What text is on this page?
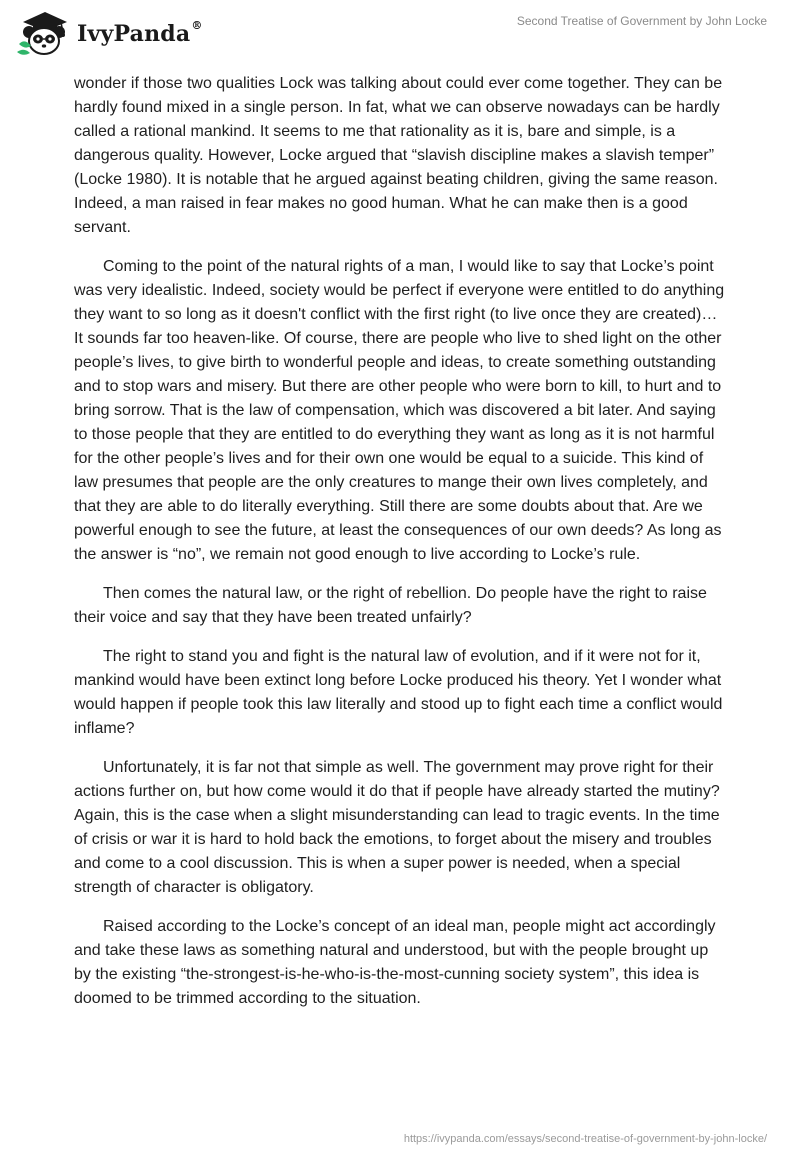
IvyPanda®	Second Treatise of Government by John Locke

wonder if those two qualities Lock was talking about could ever come together. They can be hardly found mixed in a single person. In fat, what we can observe nowadays can be hardly called a rational mankind. It seems to me that rationality as it is, bare and simple, is a dangerous quality. However, Locke argued that “slavish discipline makes a slavish temper” (Locke 1980). It is notable that he argued against beating children, giving the same reason. Indeed, a man raised in fear makes no good human. What he can make then is a good servant.

Coming to the point of the natural rights of a man, I would like to say that Locke’s point was very idealistic. Indeed, society would be perfect if everyone were entitled to do anything they want to so long as it doesn't conflict with the first right (to live once they are created)… It sounds far too heaven-like. Of course, there are people who live to shed light on the other people’s lives, to give birth to wonderful people and ideas, to create something outstanding and to stop wars and misery. But there are other people who were born to kill, to hurt and to bring sorrow. That is the law of compensation, which was discovered a bit later. And saying to those people that they are entitled to do everything they want as long as it is not harmful for the other people’s lives and for their own one would be equal to a suicide. This kind of law presumes that people are the only creatures to mange their own lives completely, and that they are able to do literally everything. Still there are some doubts about that. Are we powerful enough to see the future, at least the consequences of our own deeds? As long as the answer is “no”, we remain not good enough to live according to Locke’s rule.

Then comes the natural law, or the right of rebellion. Do people have the right to raise their voice and say that they have been treated unfairly?

The right to stand you and fight is the natural law of evolution, and if it were not for it, mankind would have been extinct long before Locke produced his theory. Yet I wonder what would happen if people took this law literally and stood up to fight each time a conflict would inflame?

Unfortunately, it is far not that simple as well. The government may prove right for their actions further on, but how come would it do that if people have already started the mutiny? Again, this is the case when a slight misunderstanding can lead to tragic events. In the time of crisis or war it is hard to hold back the emotions, to forget about the misery and troubles and come to a cool discussion. This is when a super power is needed, when a special strength of character is obligatory.

Raised according to the Locke’s concept of an ideal man, people might act accordingly and take these laws as something natural and understood, but with the people brought up by the existing “the-strongest-is-he-who-is-the-most-cunning society system”, this idea is doomed to be trimmed according to the situation.

https://ivypanda.com/essays/second-treatise-of-government-by-john-locke/
